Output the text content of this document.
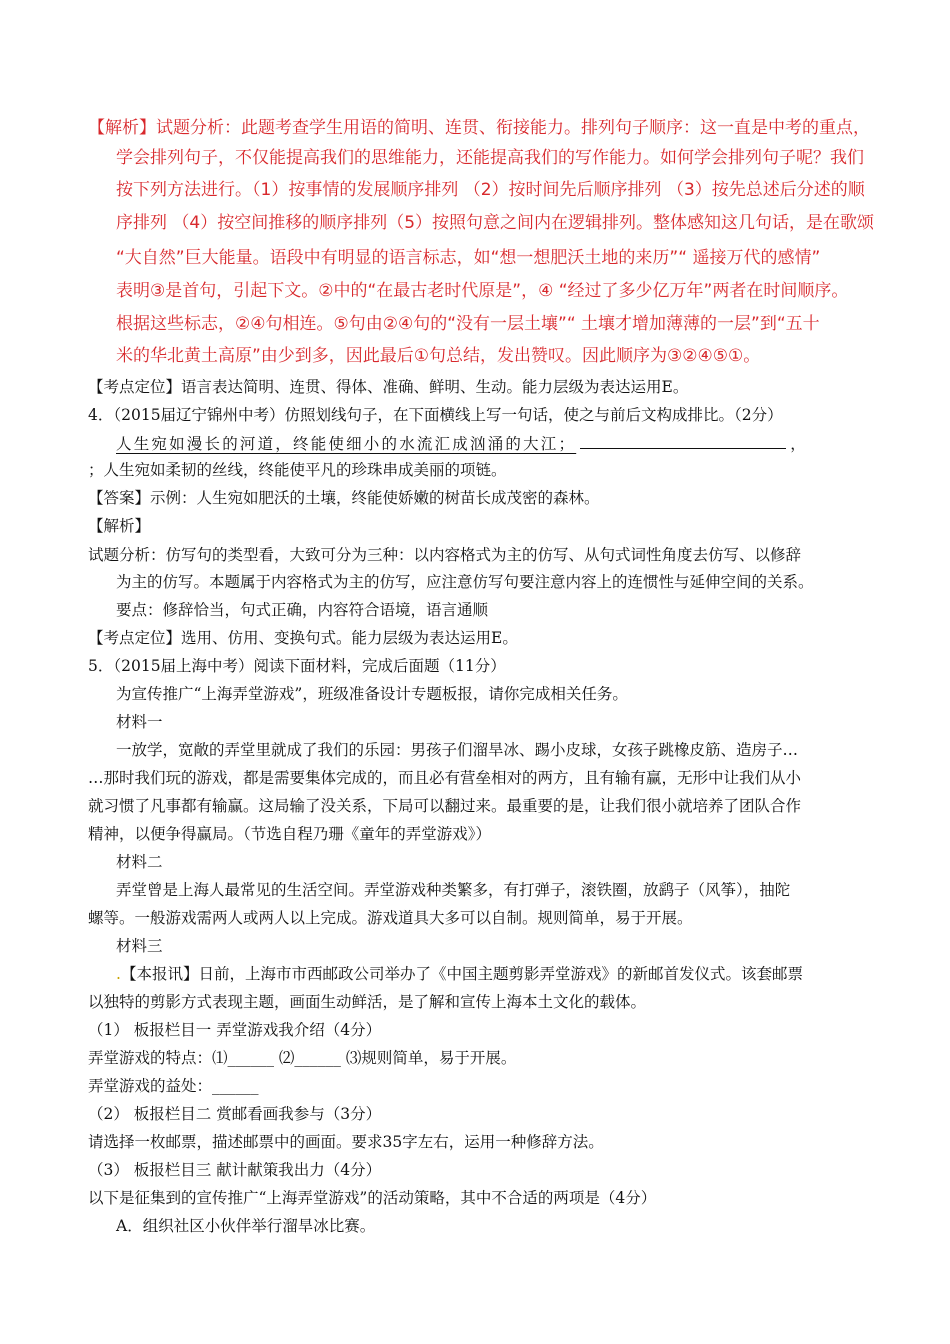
【解析】试题分析：此题考查学生用语的简明、连贯、衔接能力。排列句子顺序：这一直是中考的重点，
学会排列句子，不仅能提高我们的思维能力，还能提高我们的写作能力。如何学会排列句子呢？我们
按下列方法进行。（1）按事情的发展顺序排列 （2）按时间先后顺序排列 （3）按先总述后分述的顺
序排列 （4）按空间推移的顺序排列（5）按照句意之间内在逻辑排列。整体感知这几句话，是在歌颂
“大自然”巨大能量。语段中有明显的语言标志，如“想一想肥沃土地的来历”“ 遥接万代的感情”
表明③是首句，引起下文。②中的“在最古老时代原是”，④ “经过了多少亿万年”两者在时间顺序。
根据这些标志，②④句相连。⑤句由②④句的“没有一层土壤”“ 土壤才增加薄薄的一层”到“五十
米的华北黄土高原”由少到多，因此最后①句总结，发出赞叹。因此顺序为③②④⑤①。
【考点定位】语言表达简明、连贯、得体、准确、鲜明、生动。能力层级为表达运用E。
4．（2015届辽宁锦州中考）仿照划线句子，在下面横线上写一句话，使之与前后文构成排比。（2分）
人生宛如漫长的河道，终能使细小的水流汇成汹涌的大江；	，
；人生宛如柔韧的丝线，终能使平凡的珍珠串成美丽的项链。
【答案】示例：人生宛如肥沃的土壤，终能使娇嫩的树苗长成茂密的森林。
【解析】
试题分析：仿写句的类型看，大致可分为三种：以内容格式为主的仿写、从句式词性角度去仿写、以修辞
为主的仿写。本题属于内容格式为主的仿写，应注意仿写句要注意内容上的连惯性与延伸空间的关系。
要点：修辞恰当，句式正确，内容符合语境，语言通顺
【考点定位】选用、仿用、变换句式。能力层级为表达运用E。
5．（2015届上海中考）阅读下面材料，完成后面题（11分）
为宣传推广“上海弄堂游戏”，班级准备设计专题板报，请你完成相关任务。
材料一
一放学，宽敞的弄堂里就成了我们的乐园：男孩子们溜旱冰、踢小皮球，女孩子跳橡皮筋、造房子…
…那时我们玩的游戏，都是需要集体完成的，而且必有营垒相对的两方，且有输有赢，无形中让我们从小
就习惯了凡事都有输赢。这局输了没关系，下局可以翻过来。最重要的是，让我们很小就培养了团队合作
精神，以便争得赢局。（节选自程乃珊《童年的弄堂游戏》）
材料二
弄堂曾是上海人最常见的生活空间。弄堂游戏种类繁多，有打弹子，滚铁圈，放鹞子（风筝），抽陀
螺等。一般游戏需两人或两人以上完成。游戏道具大多可以自制。规则简单，易于开展。
材料三
.【本报讯】日前，上海市市西邮政公司举办了《中国主题剪影弄堂游戏》的新邮首发仪式。该套邮票
以独特的剪影方式表现主题，画面生动鲜活，是了解和宣传上海本土文化的载体。
（1） 板报栏目一 弄堂游戏我介绍（4分）
弄堂游戏的特点：⑴______ ⑵______ ⑶规则简单，易于开展。
弄堂游戏的益处：______
（2） 板报栏目二 赏邮看画我参与（3分）
请选择一枚邮票，描述邮票中的画面。要求35字左右，运用一种修辞方法。
（3） 板报栏目三 献计献策我出力（4分）
以下是征集到的宣传推广“上海弄堂游戏”的活动策略，其中不合适的两项是（4分）
A．组织社区小伙伴举行溜旱冰比赛。
